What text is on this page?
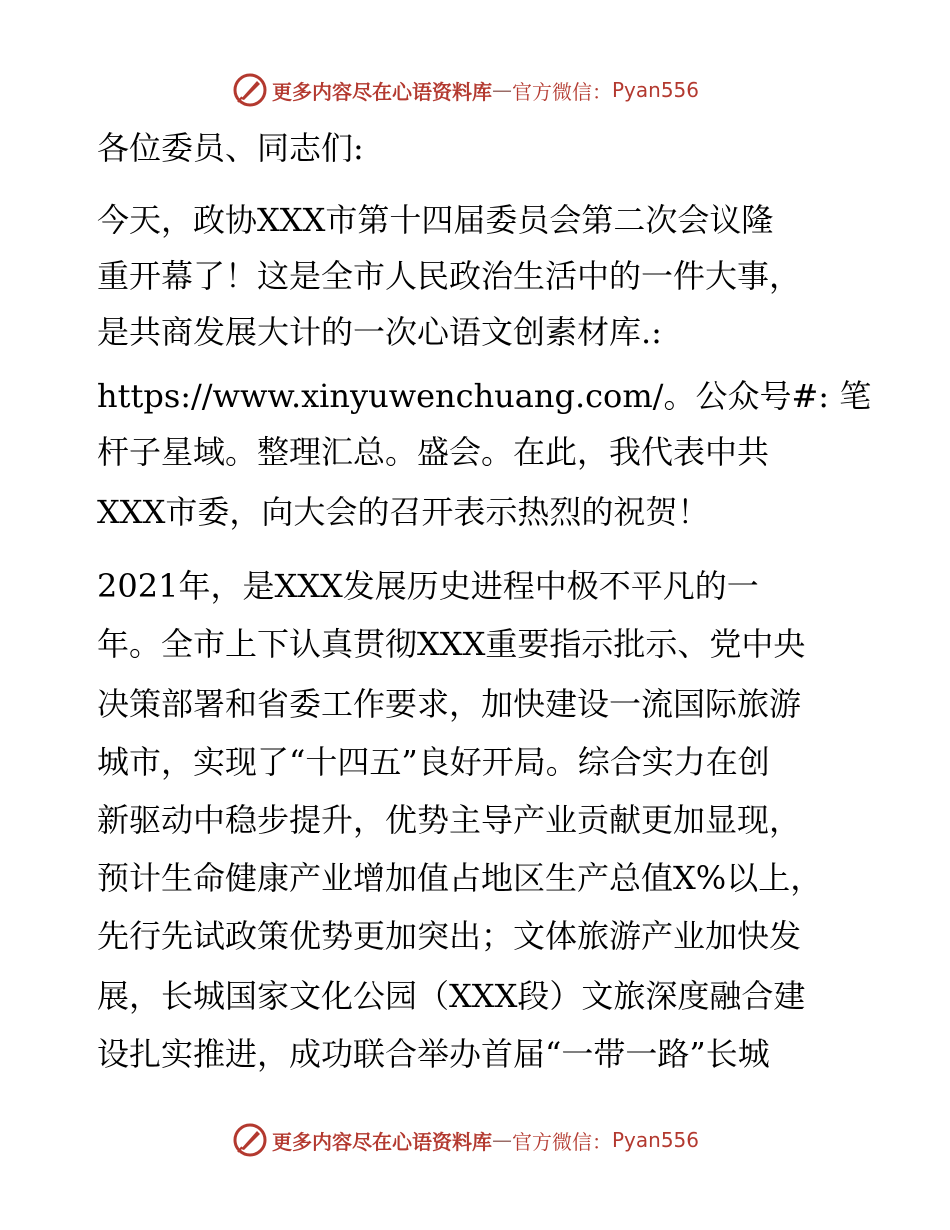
更多内容尽在心语资料库 — 官方微信： Pyan556
各位委员、同志们:
今天，政协XXX市第十四届委员会第二次会议隆
重开幕了！这是全市人民政治生活中的一件大事，
是共商发展大计的一次心语文创素材库.:
https://www.xinyuwenchuang.com/。公众号#: 笔
杆子星域。整理汇总。盛会。在此，我代表中共
XXX市委，向大会的召开表示热烈的祝贺！
2021年，是XXX发展历史进程中极不平凡的一
年。全市上下认真贯彻XXX重要指示批示、党中央
决策部署和省委工作要求，加快建设一流国际旅游
城市，实现了“十四五”良好开局。综合实力在创
新驱动中稳步提升，优势主导产业贡献更加显现，
预计生命健康产业增加值占地区生产总值X%以上，
先行先试政策优势更加突出；文体旅游产业加快发
展，长城国家文化公园（XXX段）文旅深度融合建
设扎实推进，成功联合举办首届“一带一路”长城
更多内容尽在心语资料库 — 官方微信： Pyan556
